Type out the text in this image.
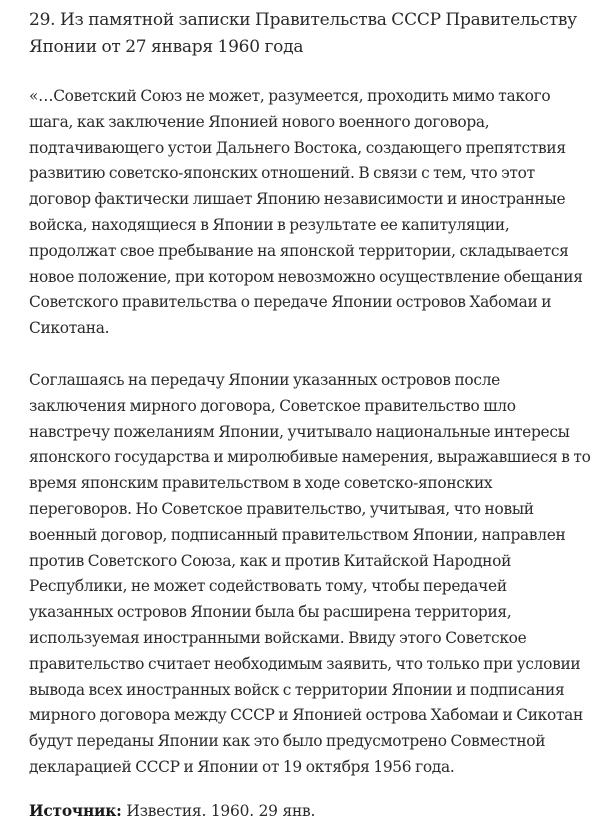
29. Из памятной записки Правительства СССР Правительству Японии от 27 января 1960 года

«…Советский Союз не может, разумеется, проходить мимо такого шага, как заключение Японией нового военного договора, подтачивающего устои Дальнего Востока, создающего препятствия развитию советско-японских отношений. В связи с тем, что этот договор фактически лишает Японию независимости и иностранные войска, находящиеся в Японии в результате ее капитуляции, продолжат свое пребывание на японской территории, складывается новое положение, при котором невозможно осуществление обещания Советского правительства о передаче Японии островов Хабомаи и Сикотана.

Соглашаясь на передачу Японии указанных островов после заключения мирного договора, Советское правительство шло навстречу пожеланиям Японии, учитывало национальные интересы японского государства и миролюбивые намерения, выражавшиеся в то время японским правительством в ходе советско-японских переговоров. Но Советское правительство, учитывая, что новый военный договор, подписанный правительством Японии, направлен против Советского Союза, как и против Китайской Народной Республики, не может содействовать тому, чтобы передачей указанных островов Японии была бы расширена территория, используемая иностранными войсками. Ввиду этого Советское правительство считает необходимым заявить, что только при условии вывода всех иностранных войск с территории Японии и подписания мирного договора между СССР и Японией острова Хабомаи и Сикотан будут переданы Японии как это было предусмотрено Совместной декларацией СССР и Японии от 19 октября 1956 года.

Источник: Известия. 1960. 29 янв.
